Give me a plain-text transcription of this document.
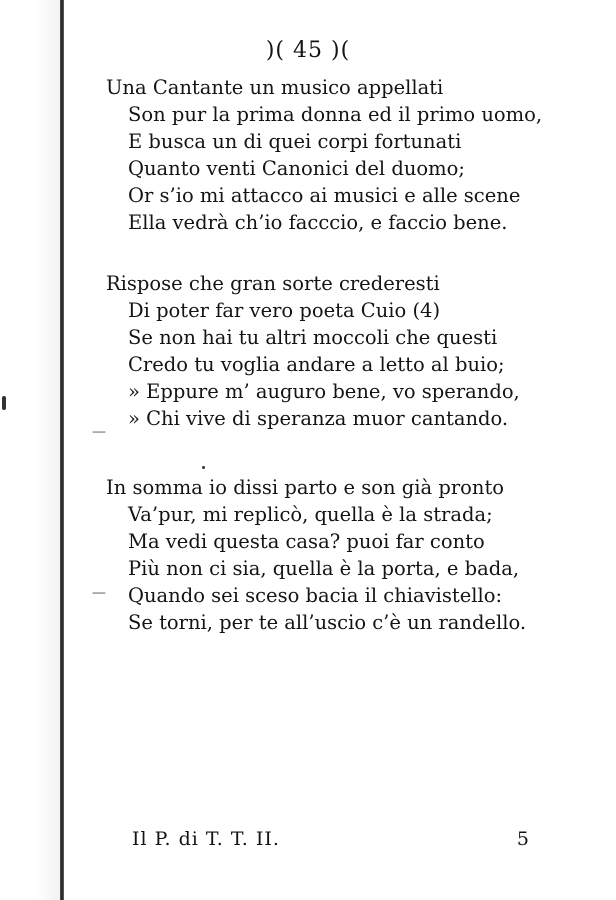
)( 45 )(
Una Cantante un musico appellati
Son pur la prima donna ed il primo uomo,
E busca un di quei corpi fortunati
Quanto venti Canonici del duomo;
Or s’io mi attacco ai musici e alle scene
Ella vedrà ch’io facccio, e faccio bene.
Rispose che gran sorte crederesti
Di poter far vero poeta Cuio (4)
Se non hai tu altri moccoli che questi
Credo tu voglia andare a letto al buio;
» Eppure m’ auguro bene, vo sperando,
» Chi vive di speranza muor cantando.
In somma io dissi parto e son già pronto
Va’pur, mi replicò, quella è la strada;
Ma vedi questa casa? puoi far conto
Più non ci sia, quella è la porta, e bada,
Quando sei sceso bacia il chiavistello:
Se torni, per te all’uscio c’è un randello.
—
—
Il P. di T. T. II.	5
